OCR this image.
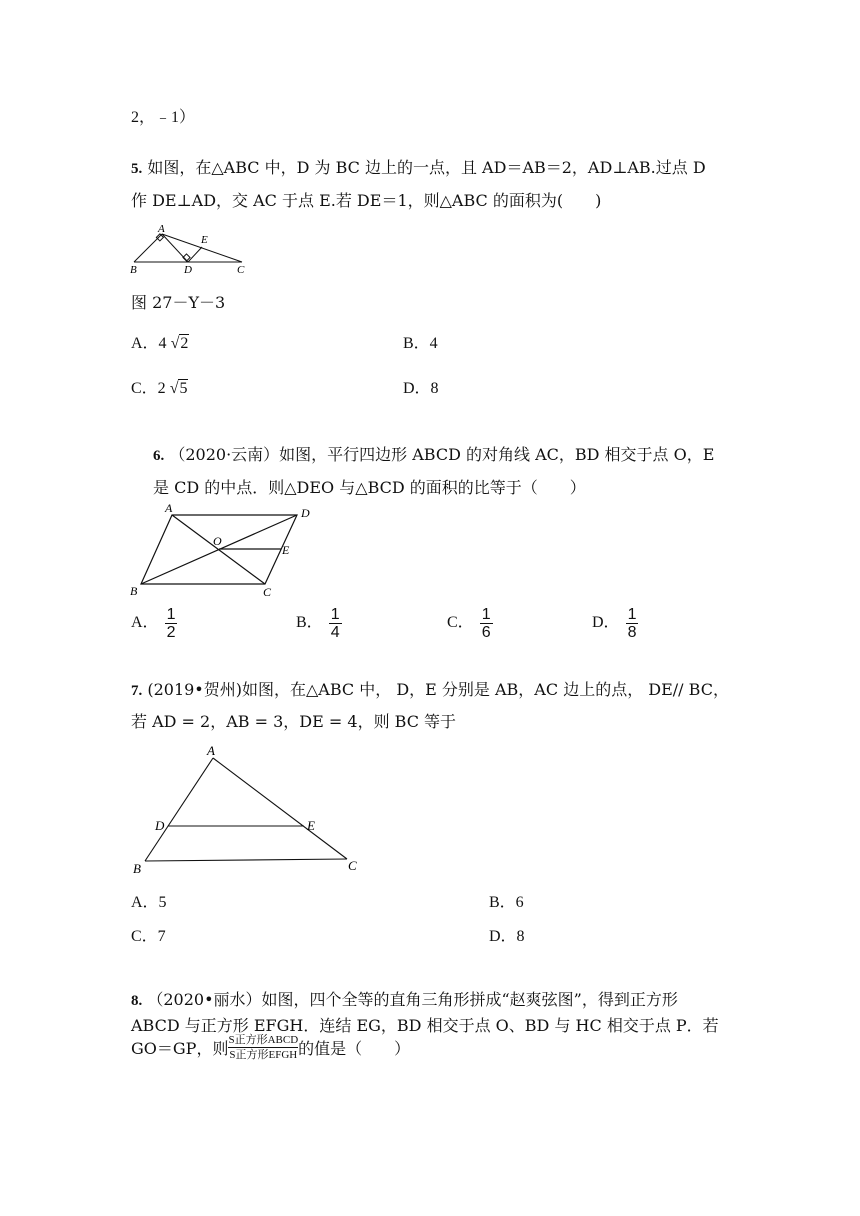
2，﹣1）
5. 如图，在△ABC 中，D 为 BC 边上的一点，且 AD＝AB＝2，AD⊥AB.过点 D
作 DE⊥AD，交 AC 于点 E.若 DE＝1，则△ABC 的面积为(　　)
A
B	D	C
E
图 27－Y－3
A．4 √2	B．4
C．2 √5	D．8
6. （2020·云南）如图，平行四边形 ABCD 的对角线 AC，BD 相交于点 O，E
是 CD 的中点．则△DEO 与△BCD 的面积的比等于（　　）
A	D
O
E
B	C
A． $\frac{1}{2}$	B． $\frac{1}{4}$	C． $\frac{1}{6}$	D． $\frac{1}{8}$
7. (2019•贺州)如图，在△ABC 中， D，E 分别是 AB，AC 边上的点， DE// BC，
若 AD = 2，AB = 3，DE = 4，则 BC 等于
A
D	E
B	C
A．5	B．6
C．7	D．8
8. （2020•丽水）如图，四个全等的直角三角形拼成“赵爽弦图”，得到正方形
ABCD 与正方形 EFGH．连结 EG，BD 相交于点 O、BD 与 HC 相交于点 P．若
GO＝GP，则 S正方形ABCD
S正方形EFGH 的值是（　　）
